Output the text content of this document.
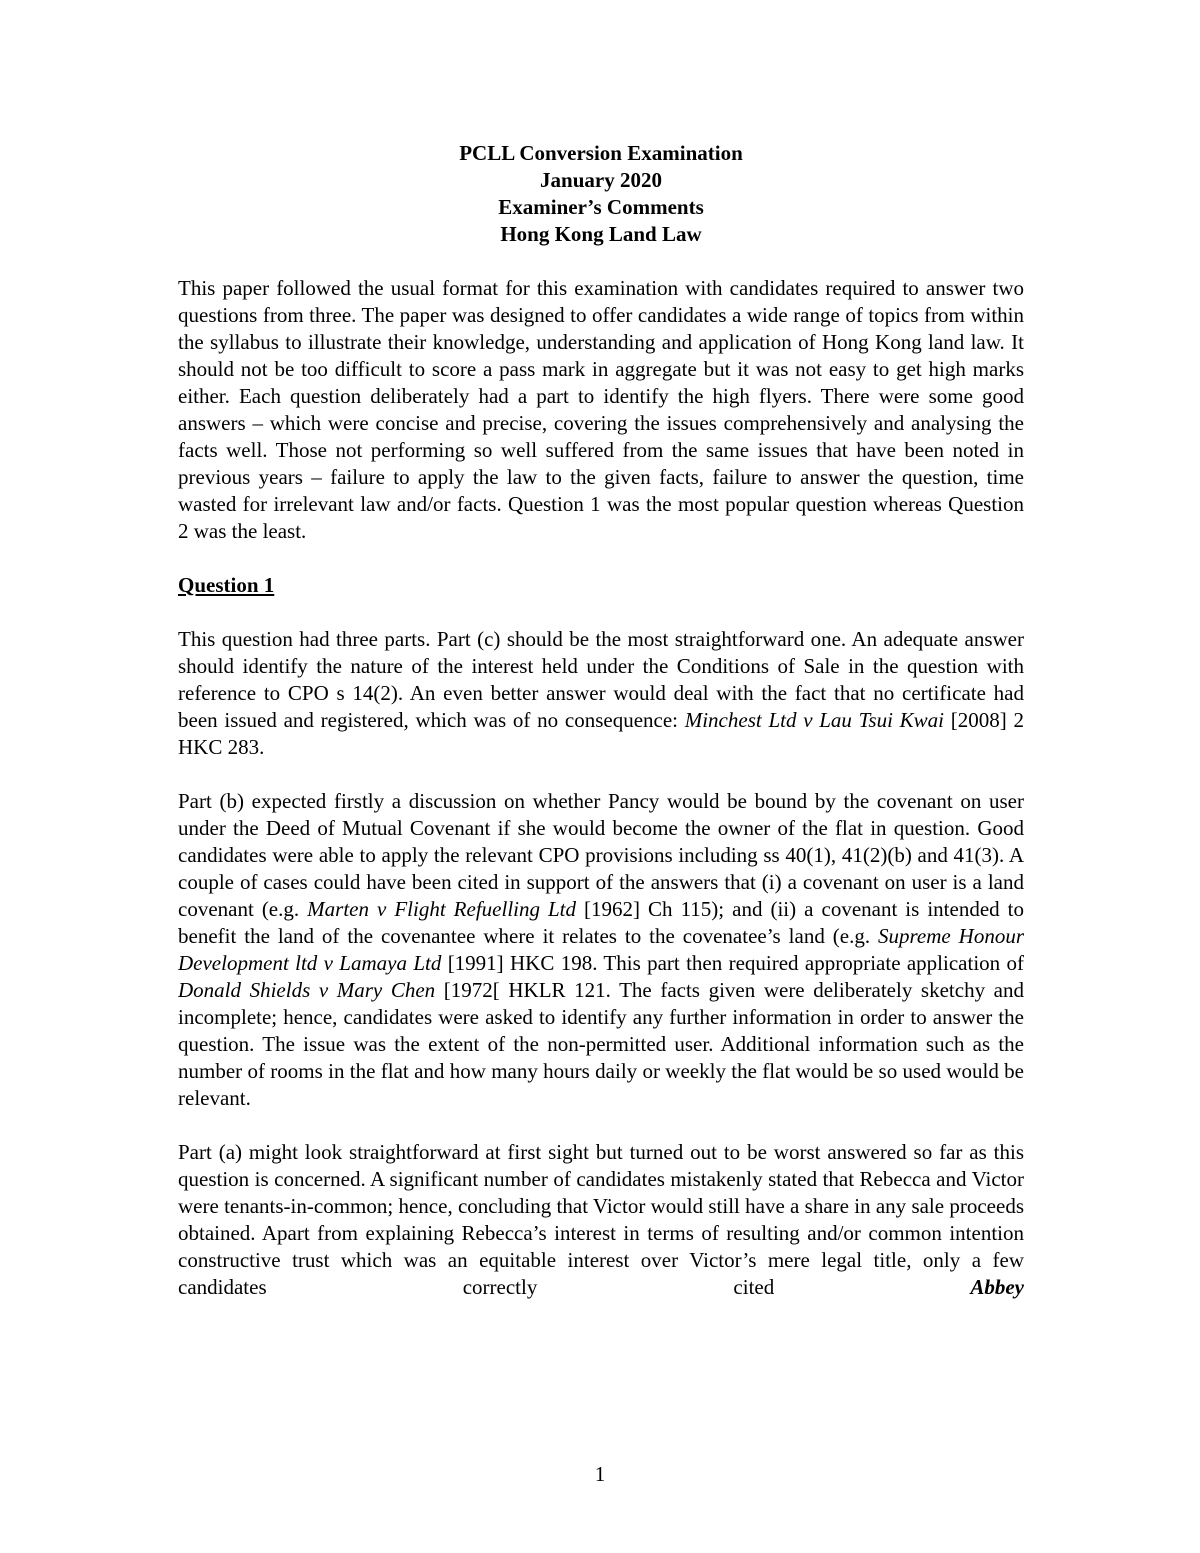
PCLL Conversion Examination
January 2020
Examiner’s Comments
Hong Kong Land Law

This paper followed the usual format for this examination with candidates required to answer two questions from three. The paper was designed to offer candidates a wide range of topics from within the syllabus to illustrate their knowledge, understanding and application of Hong Kong land law. It should not be too difficult to score a pass mark in aggregate but it was not easy to get high marks either. Each question deliberately had a part to identify the high flyers. There were some good answers – which were concise and precise, covering the issues comprehensively and analysing the facts well. Those not performing so well suffered from the same issues that have been noted in previous years – failure to apply the law to the given facts, failure to answer the question, time wasted for irrelevant law and/or facts. Question 1 was the most popular question whereas Question 2 was the least.

Question 1

This question had three parts. Part (c) should be the most straightforward one. An adequate answer should identify the nature of the interest held under the Conditions of Sale in the question with reference to CPO s 14(2). An even better answer would deal with the fact that no certificate had been issued and registered, which was of no consequence: Minchest Ltd v Lau Tsui Kwai [2008] 2 HKC 283.

Part (b) expected firstly a discussion on whether Pancy would be bound by the covenant on user under the Deed of Mutual Covenant if she would become the owner of the flat in question. Good candidates were able to apply the relevant CPO provisions including ss 40(1), 41(2)(b) and 41(3). A couple of cases could have been cited in support of the answers that (i) a covenant on user is a land covenant (e.g. Marten v Flight Refuelling Ltd [1962] Ch 115); and (ii) a covenant is intended to benefit the land of the covenantee where it relates to the covenatee’s land (e.g. Supreme Honour Development ltd v Lamaya Ltd [1991] HKC 198. This part then required appropriate application of Donald Shields v Mary Chen [1972[ HKLR 121. The facts given were deliberately sketchy and incomplete; hence, candidates were asked to identify any further information in order to answer the question. The issue was the extent of the non-permitted user. Additional information such as the number of rooms in the flat and how many hours daily or weekly the flat would be so used would be relevant.

Part (a) might look straightforward at first sight but turned out to be worst answered so far as this question is concerned. A significant number of candidates mistakenly stated that Rebecca and Victor were tenants-in-common; hence, concluding that Victor would still have a share in any sale proceeds obtained. Apart from explaining Rebecca’s interest in terms of resulting and/or common intention constructive trust which was an equitable interest over Victor’s mere legal title, only a few candidates correctly cited Abbey

1
